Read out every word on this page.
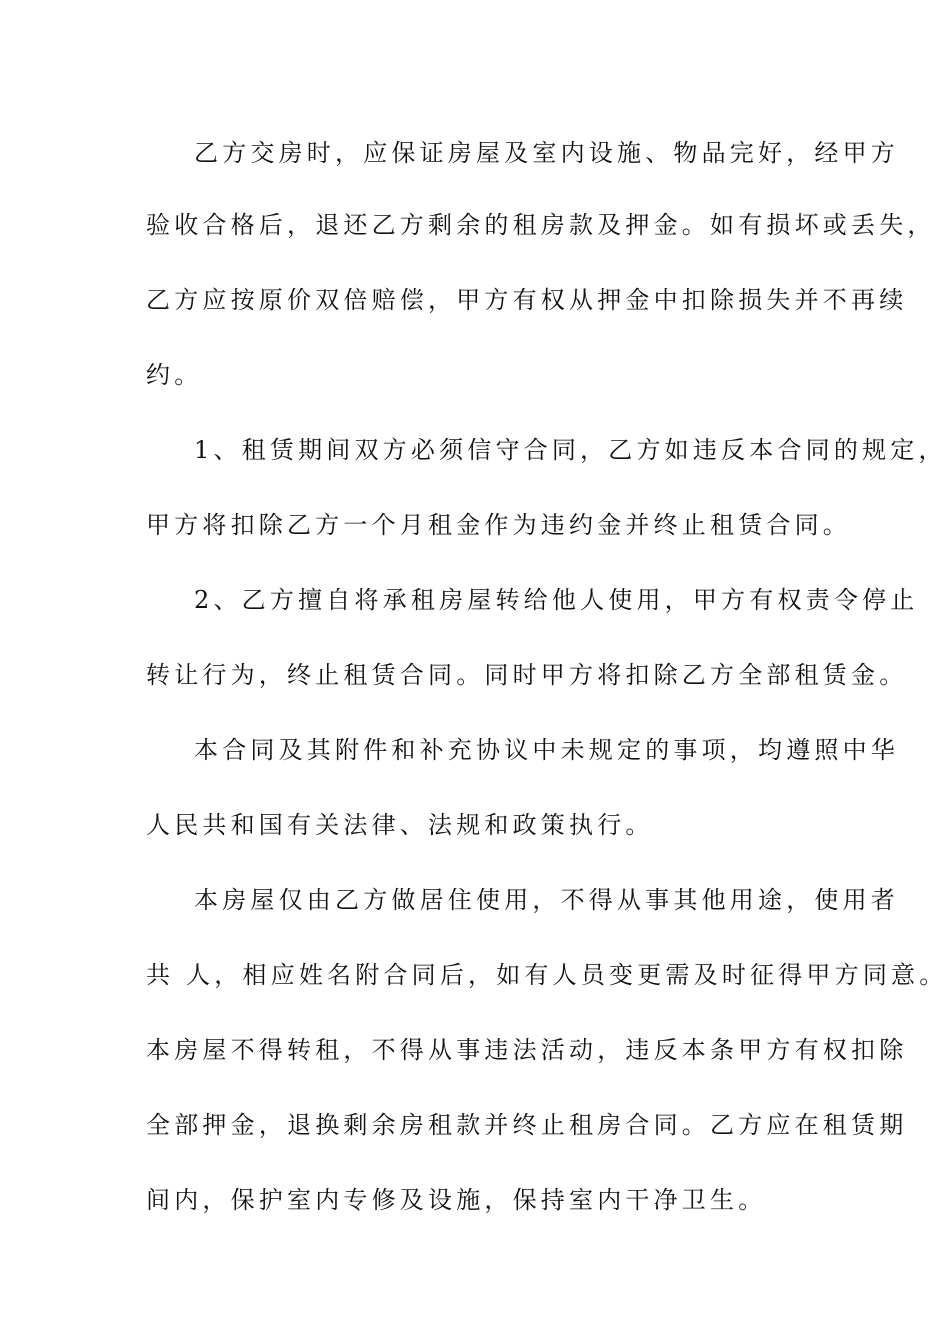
乙方交房时，应保证房屋及室内设施、物品完好，经甲方
验收合格后，退还乙方剩余的租房款及押金。如有损坏或丢失，
乙方应按原价双倍赔偿，甲方有权从押金中扣除损失并不再续
约。
1、租赁期间双方必须信守合同，乙方如违反本合同的规定，
甲方将扣除乙方一个月租金作为违约金并终止租赁合同。
2、乙方擅自将承租房屋转给他人使用，甲方有权责令停止
转让行为，终止租赁合同。同时甲方将扣除乙方全部租赁金。
本合同及其附件和补充协议中未规定的事项，均遵照中华
人民共和国有关法律、法规和政策执行。
本房屋仅由乙方做居住使用，不得从事其他用途，使用者
共 人，相应姓名附合同后，如有人员变更需及时征得甲方同意。
本房屋不得转租，不得从事违法活动，违反本条甲方有权扣除
全部押金，退换剩余房租款并终止租房合同。乙方应在租赁期
间内，保护室内专修及设施，保持室内干净卫生。
